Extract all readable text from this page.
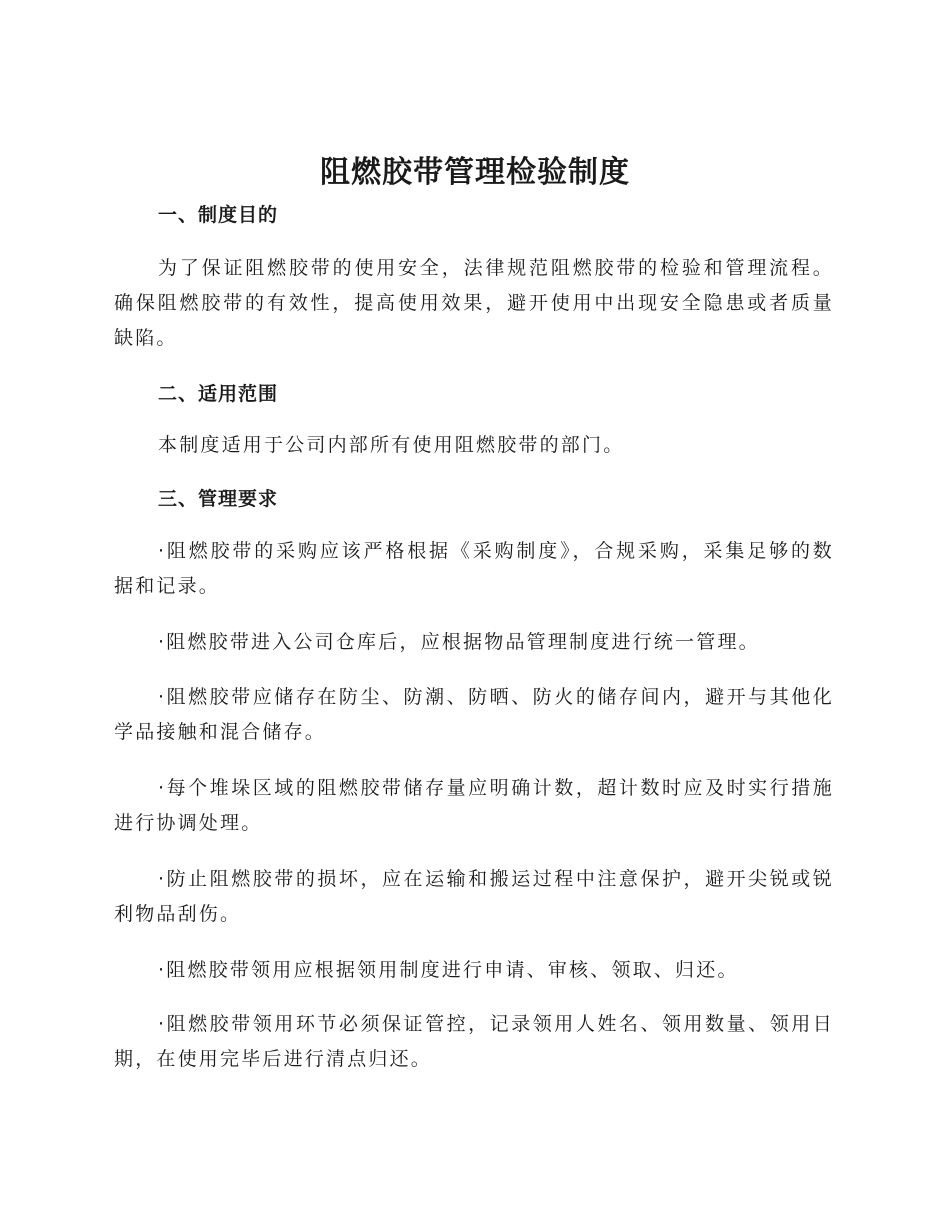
阻燃胶带管理检验制度
一、制度目的

为了保证阻燃胶带的使用安全，法律规范阻燃胶带的检验和管理流程。确保阻燃胶带的有效性，提高使用效果，避开使用中出现安全隐患或者质量缺陷。

二、适用范围

本制度适用于公司内部所有使用阻燃胶带的部门。

三、管理要求

·阻燃胶带的采购应该严格根据《采购制度》，合规采购，采集足够的数据和记录。

·阻燃胶带进入公司仓库后，应根据物品管理制度进行统一管理。

·阻燃胶带应储存在防尘、防潮、防晒、防火的储存间内，避开与其他化学品接触和混合储存。

·每个堆垛区域的阻燃胶带储存量应明确计数，超计数时应及时实行措施进行协调处理。

·防止阻燃胶带的损坏，应在运输和搬运过程中注意保护，避开尖锐或锐利物品刮伤。

·阻燃胶带领用应根据领用制度进行申请、审核、领取、归还。

·阻燃胶带领用环节必须保证管控，记录领用人姓名、领用数量、领用日期，在使用完毕后进行清点归还。
